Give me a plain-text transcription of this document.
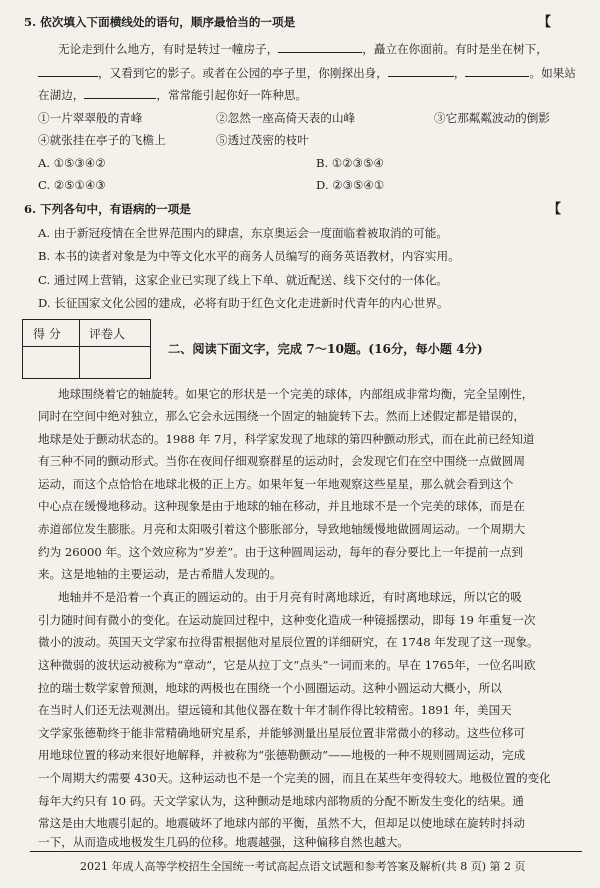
5. 依次填入下面横线处的语句，顺序最恰当的一项是	【
无论走到什么地方，有时是转过一幢房子，	，矗立在你面前。有时是坐在树下，
，又看到它的影子。或者在公园的亭子里，你刚探出身，	，	。如果站
在湖边，	，常常能引起你好一阵种思。
①一片翠翠般的青峰	②忽然一座高倚天表的山峰	③它那粼粼波动的倒影
④就张挂在亭子的飞檐上	⑤透过茂密的枝叶
A. ①⑤③④②	B. ①②③⑤④
C. ②⑤①④③	D. ②③⑤④①
6. 下列各句中，有语病的一项是	【
A. 由于新冠疫情在全世界范围内的肆虐，东京奥运会一度面临着被取消的可能。
B. 本书的读者对象是为中等文化水平的商务人员编写的商务英语教材，内容实用。
C. 通过网上营销，这家企业已实现了线上下单、就近配送、线下交付的一体化。
D. 长征国家文化公园的建成，必将有助于红色文化走进新时代青年的内心世界。
得 分 评卷人
二、阅读下面文字，完成 7～10题。(16分，每小题 4分)
地球围绕着它的轴旋转。如果它的形状是一个完美的球体，内部组成非常均衡，完全呈刚性，
同时在空间中绝对独立，那么它会永远围绕一个固定的轴旋转下去。然而上述假定都是错误的，
地球是处于颤动状态的。1988 年 7月，科学家发现了地球的第四种颤动形式，而在此前已经知道
有三种不同的颤动形式。当你在夜间仔细观察群星的运动时，会发现它们在空中围绕一点做圆周
运动，而这个点恰恰在地球北极的正上方。如果年复一年地观察这些星星，那么就会看到这个
中心点在缓慢地移动。这种现象是由于地球的轴在移动，并且地球不是一个完美的球体，而是在
赤道部位发生膨胀。月亮和太阳吸引着这个膨胀部分，导致地轴缓慢地做圆周运动。一个周期大
约为 26000 年。这个效应称为“岁差”。由于这种圆周运动，每年的春分要比上一年提前一点到
来。这是地轴的主要运动，是古希腊人发现的。
地轴并不是沿着一个真正的圆运动的。由于月亮有时离地球近，有时离地球远，所以它的吸
引力随时间有微小的变化。在运动旋回过程中，这种变化造成一种镜摇摆动，即每 19 年重复一次
微小的波动。英国天文学家布拉得雷根据他对星辰位置的详细研究，在 1748 年发现了这一现象。
这种微弱的波状运动被称为“章动”，它是从拉丁文“点头”一词而来的。早在 1765年，一位名叫欧
拉的瑞士数学家曾预测，地球的两极也在围绕一个小圆圈运动。这种小圆运动大概小，所以
在当时人们还无法观测出。望远镜和其他仪器在数十年才制作得比较精密。1891 年，美国天
文学家张德勒终于能非常精确地研究星系，并能够测量出星辰位置非常微小的移动。这些位移可
用地球位置的移动来很好地解释，并被称为“张德勒颤动”——地极的一种不规则圆周运动，完成
一个周期大约需要 430天。这种运动也不是一个完美的圆，而且在某些年变得较大。地极位置的变化
每年大约只有 10 码。天文学家认为，这种颤动是地球内部物质的分配不断发生变化的结果。通
常这是由大地震引起的。地震破坏了地球内部的平衡，虽然不大，但却足以使地球在旋转时抖动
一下，从而造成地极发生几码的位移。地震越强，这种偏移自然也越大。
2021 年成人高等学校招生全国统一考试高起点语文试题和参考答案及解析(共 8 页) 第 2 页
